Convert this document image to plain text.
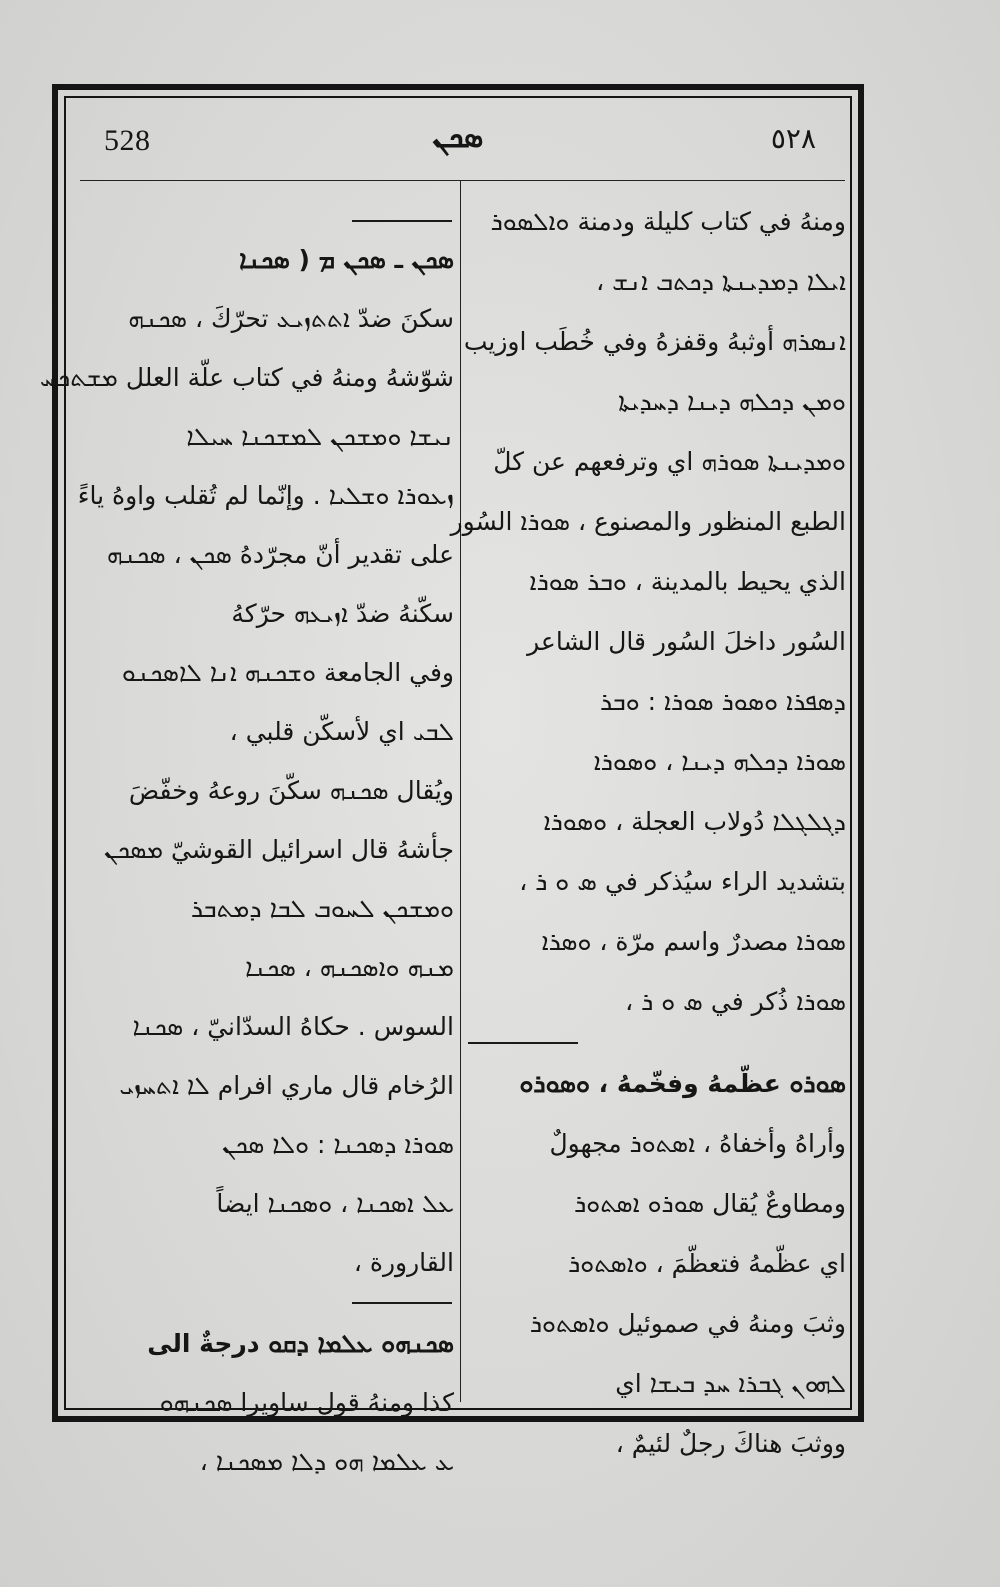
528	ܣܟܢ	٥٢٨
ومنهُ في كتاب كليلة ودمنة ܘܐܠܣܘܪ
ܐܝܠܐ ܕܡܕܝܢܬܐ ܕܟܬܒ ܐܢܫ ،
ܐܢܣܪܗ أوثبهُ وقفزهُ وفي خُطَب اوزيب
ܘܡܢ ܕܟܠܗ ܕܝܢܐ ܕܚܕܝܬܐ
ܘܡܕܝܢܬܐ ܣܘܪܗ اي وترفعهم عن كلّ
الطبع المنظور والمصنوع ، ܣܘܪܐ السُور
الذي يحيط بالمدينة ، ܘܒܪ ܣܘܪܐ
السُور داخلَ السُور قال الشاعر
ܕܣܦܪܐ ܘܣܘܪ ܣܘܪܐ : ܘܒܪ
ܣܘܪܐ ܕܟܠܗ ܕܝܢܐ ، ܘܣܘܪܐ
ܕܓܠܓܠܐ دُولاب العجلة ، ܘܣܘܪܐ
بتشديد الراء سيُذكر في ܣ ܘ ܪ ،
ܣܘܪܐ مصدرٌ واسم مرّة ، ܘܣܪܐ
ܣܘܪܐ ذُكر في ܣ ܘ ܪ ،
ܣܘܪܘ عظّمهُ وفخّمهُ ، ܘܣܘܪܘ
وأراهُ وأخفاهُ ، ܐܣܬܘܪ مجهولٌ
ومطاوعٌ يُقال ܣܘܪܘ ܐܣܬܘܪ
اي عظّمهُ فتعظّمَ ، ܘܐܣܬܘܪ
وثبَ ومنهُ في صموئيل ܘܐܣܬܘܪ
ܠܗܘܢ ܓܒܪܐ ܚܕ ܒܝܫܐ اي
ووثبَ هناكَ رجلٌ لئيمٌ ،
ܣܟܢ ـ ܣܟܢ ܡ ( ܣܟܢܐ
سكنَ ضدّ ܐܬܬܙܝܥ تحرّكَ ، ܣܟܢܗ
شوّشهُ ومنهُ في كتاب علّة العلل ܡܫܬܟܚ
ܢܝܫܐ ܘܡܫܟܢ ܠܡܫܟܢܐ ܚܝܠܐ
ܙܥܘܪܐ ܘܫܠܝܐ . وإنّما لم تُقلب واوهُ ياءً
على تقدير أنّ مجرّدهُ ܣܟܢ ، ܣܟܢܗ
سكّنهُ ضدّ ܐܙܝܥܗ حرّكهُ
وفي الجامعة ܘܫܟܢܗ ܐܢܐ ܠܐܣܟܢܘ
ܠܒܝ اي لأسكّن قلبي ،
ويُقال ܣܟܢܗ سكّنَ روعهُ وخفّضَ
جأشهُ قال اسرائيل القوشيّ ܡܣܟܢ
ܘܡܫܟܢ ܠܚܘܒ ܠܒܐ ܕܡܬܒܪ
ܡܢܗ ܘܐܣܟܢܗ ، ܣܟܢܐ
السوس . حكاهُ السدّانيّ ، ܣܟܢܐ
الرُخام قال ماري افرام ܠܐ ܐܬܚܙܝ
ܣܘܪܐ ܕܣܟܢܐ : ܘܠܐ ܣܟܢ
ܥܠ ܐܣܟܢܐ ، ܘܣܟܢܐ ايضاً
القارورة ،
ܣܟܢܗܘ ܥܠܡܐ ܕܩܘ درجةٌ الى
كذا ومنهُ قول ساويرا ܣܟܢܗܘ
ܥ ܥܠܡܐ ܗܘ ܕܠܐ ܡܣܟܢܐ ،
